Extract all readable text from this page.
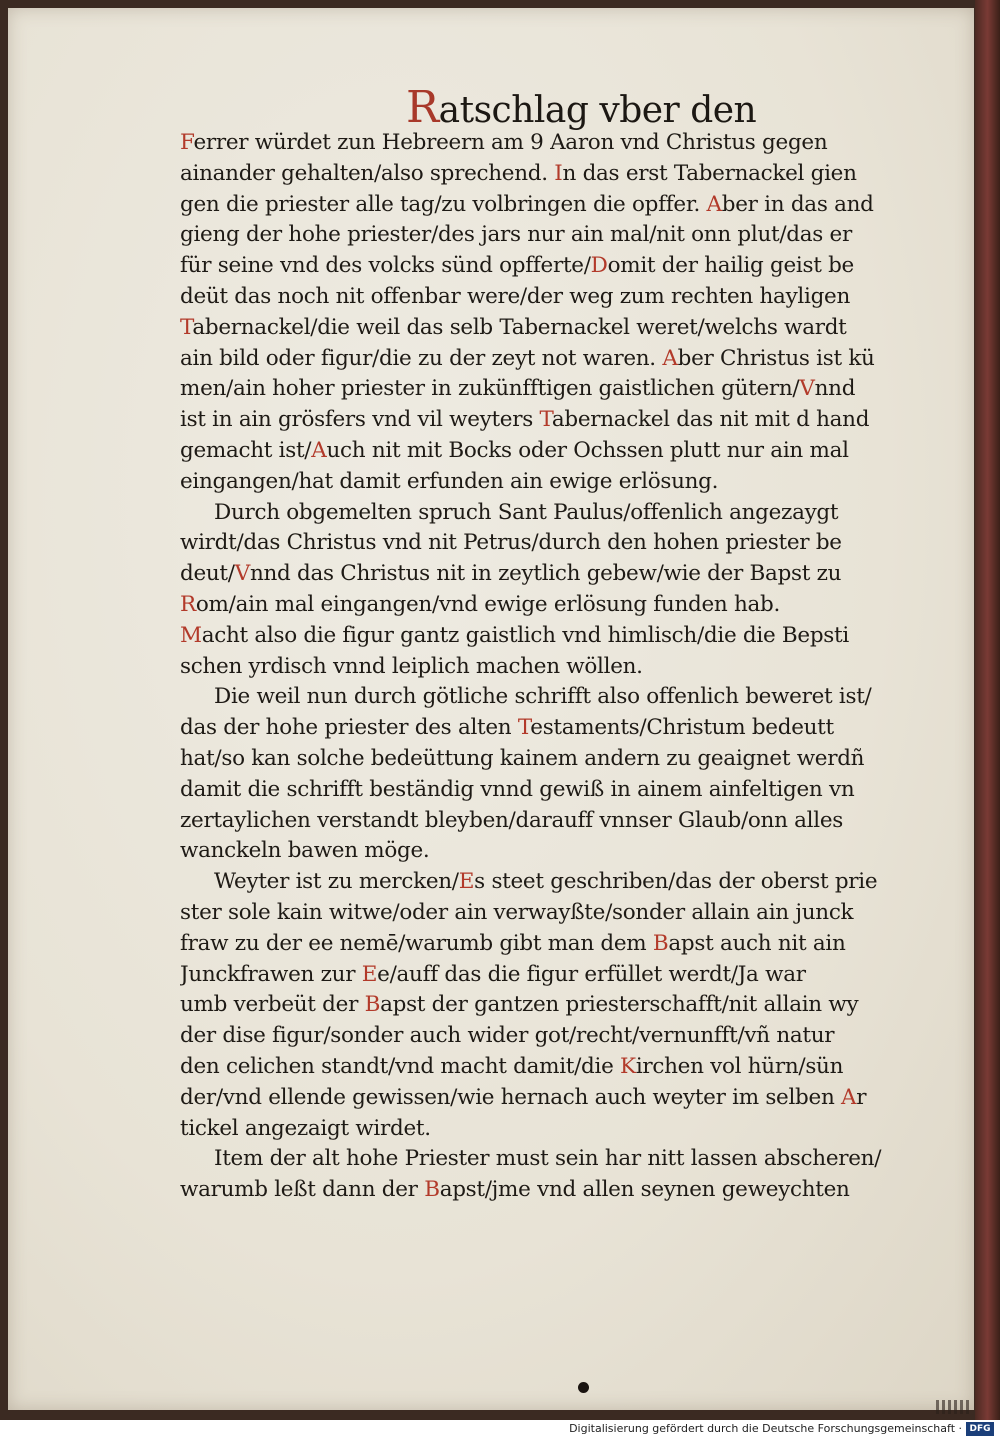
Ratschlag vber den
Ferrer würdet zun Hebreern am 9 Aaron vnd Christus gegen
ainander gehalten/also sprechend. In das erst Tabernackel gien
gen die priester alle tag/zu volbringen die opffer. Aber in das and
gieng der hohe priester/des jars nur ain mal/nit onn plut/das er
für seine vnd des volcks sünd opfferte/Domit der hailig geist be
deüt das noch nit offenbar were/der weg zum rechten hayligen
Tabernackel/die weil das selb Tabernackel weret/welchs wardt
ain bild oder figur/die zu der zeyt not waren. Aber Christus ist kü
men/ain hoher priester in zukünfftigen gaistlichen gütern/Vnnd
ist in ain grösfers vnd vil weyters Tabernackel das nit mit d hand
gemacht ist/Auch nit mit Bocks oder Ochssen plutt nur ain mal
eingangen/hat damit erfunden ain ewige erlösung.
Durch obgemelten spruch Sant Paulus/offenlich angezaygt
wirdt/das Christus vnd nit Petrus/durch den hohen priester be
deut/Vnnd das Christus nit in zeytlich gebew/wie der Bapst zu
Rom/ain mal eingangen/vnd ewige erlösung funden hab.
Macht also die figur gantz gaistlich vnd himlisch/die die Bepsti
schen yrdisch vnnd leiplich machen wöllen.
Die weil nun durch götliche schrifft also offenlich beweret ist/
das der hohe priester des alten Testaments/Christum bedeutt
hat/so kan solche bedeüttung kainem andern zu geaignet werdñ
damit die schrifft beständig vnnd gewiß in ainem ainfeltigen vn
zertaylichen verstandt bleyben/darauff vnnser Glaub/onn alles
wanckeln bawen möge.
Weyter ist zu mercken/Es steet geschriben/das der oberst prie
ster sole kain witwe/oder ain verwayßte/sonder allain ain junck
fraw zu der ee nemē/warumb gibt man dem Bapst auch nit ain
Junckfrawen zur Ee/auff das die figur erfüllet werdt/Ja war
umb verbeüt der Bapst der gantzen priesterschafft/nit allain wy
der dise figur/sonder auch wider got/recht/vernunfft/vñ natur
den celichen standt/vnd macht damit/die Kirchen vol hürn/sün
der/vnd ellende gewissen/wie hernach auch weyter im selben Ar
tickel angezaigt wirdet.
Item der alt hohe Priester must sein har nitt lassen abscheren/
warumb leßt dann der Bapst/jme vnd allen seynen geweychten
Digitalisierung gefördert durch die Deutsche Forschungsgemeinschaft · DFG
